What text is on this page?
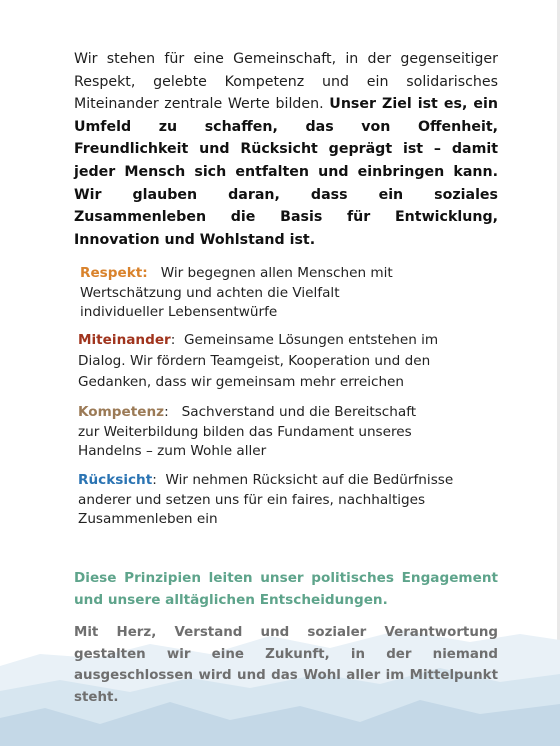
Wir stehen für eine Gemeinschaft, in der gegenseitiger Respekt, gelebte Kompetenz und ein solidarisches Miteinander zentrale Werte bilden. Unser Ziel ist es, ein Umfeld zu schaffen, das von Offenheit, Freundlichkeit und Rücksicht geprägt ist – damit jeder Mensch sich entfalten und einbringen kann. Wir glauben daran, dass ein soziales Zusammenleben die Basis für Entwicklung, Innovation und Wohlstand ist.

Respekt: Wir begegnen allen Menschen mit Wertschätzung und achten die Vielfalt individueller Lebensentwürfe

Miteinander: Gemeinsame Lösungen entstehen im Dialog. Wir fördern Teamgeist, Kooperation und den Gedanken, dass wir gemeinsam mehr erreichen

Kompetenz: Sachverstand und die Bereitschaft zur Weiterbildung bilden das Fundament unseres Handelns – zum Wohle aller

Rücksicht: Wir nehmen Rücksicht auf die Bedürfnisse anderer und setzen uns für ein faires, nachhaltiges Zusammenleben ein

Diese Prinzipien leiten unser politisches Engagement und unsere alltäglichen Entscheidungen.

Mit Herz, Verstand und sozialer Verantwortung gestalten wir eine Zukunft, in der niemand ausgeschlossen wird und das Wohl aller im Mittelpunkt steht.
